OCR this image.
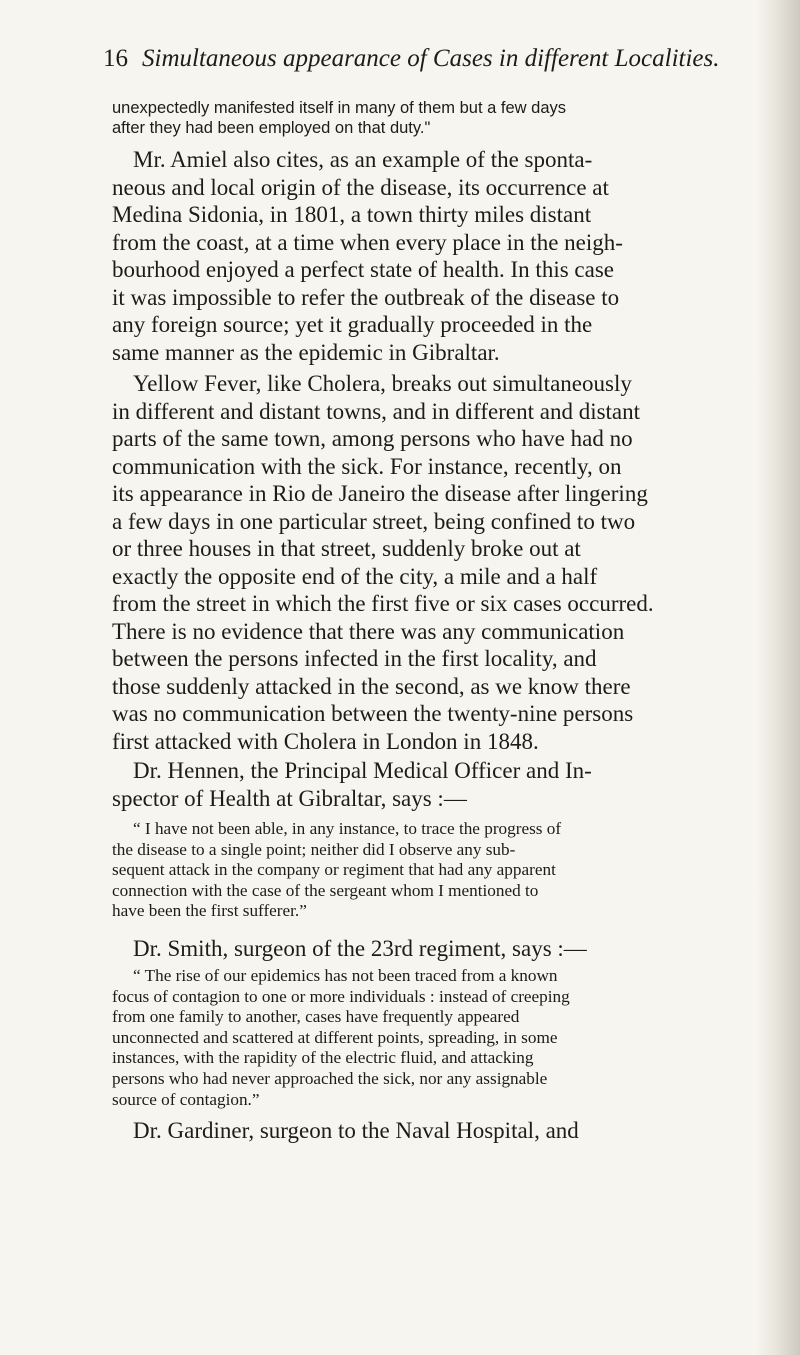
16 Simultaneous appearance of Cases in different Localities.
unexpectedly manifested itself in many of them but a few days
after they had been employed on that duty."
Mr. Amiel also cites, as an example of the sponta-
neous and local origin of the disease, its occurrence at
Medina Sidonia, in 1801, a town thirty miles distant
from the coast, at a time when every place in the neigh-
bourhood enjoyed a perfect state of health. In this case
it was impossible to refer the outbreak of the disease to
any foreign source; yet it gradually proceeded in the
same manner as the epidemic in Gibraltar.
Yellow Fever, like Cholera, breaks out simultaneously
in different and distant towns, and in different and distant
parts of the same town, among persons who have had no
communication with the sick. For instance, recently, on
its appearance in Rio de Janeiro the disease after lingering
a few days in one particular street, being confined to two
or three houses in that street, suddenly broke out at
exactly the opposite end of the city, a mile and a half
from the street in which the first five or six cases occurred.
There is no evidence that there was any communication
between the persons infected in the first locality, and
those suddenly attacked in the second, as we know there
was no communication between the twenty-nine persons
first attacked with Cholera in London in 1848.
Dr. Hennen, the Principal Medical Officer and In-
spector of Health at Gibraltar, says :—
“ I have not been able, in any instance, to trace the progress of
the disease to a single point; neither did I observe any sub-
sequent attack in the company or regiment that had any apparent
connection with the case of the sergeant whom I mentioned to
have been the first sufferer.”
Dr. Smith, surgeon of the 23rd regiment, says :—
“ The rise of our epidemics has not been traced from a known
focus of contagion to one or more individuals : instead of creeping
from one family to another, cases have frequently appeared
unconnected and scattered at different points, spreading, in some
instances, with the rapidity of the electric fluid, and attacking
persons who had never approached the sick, nor any assignable
source of contagion.”
Dr. Gardiner, surgeon to the Naval Hospital, and
